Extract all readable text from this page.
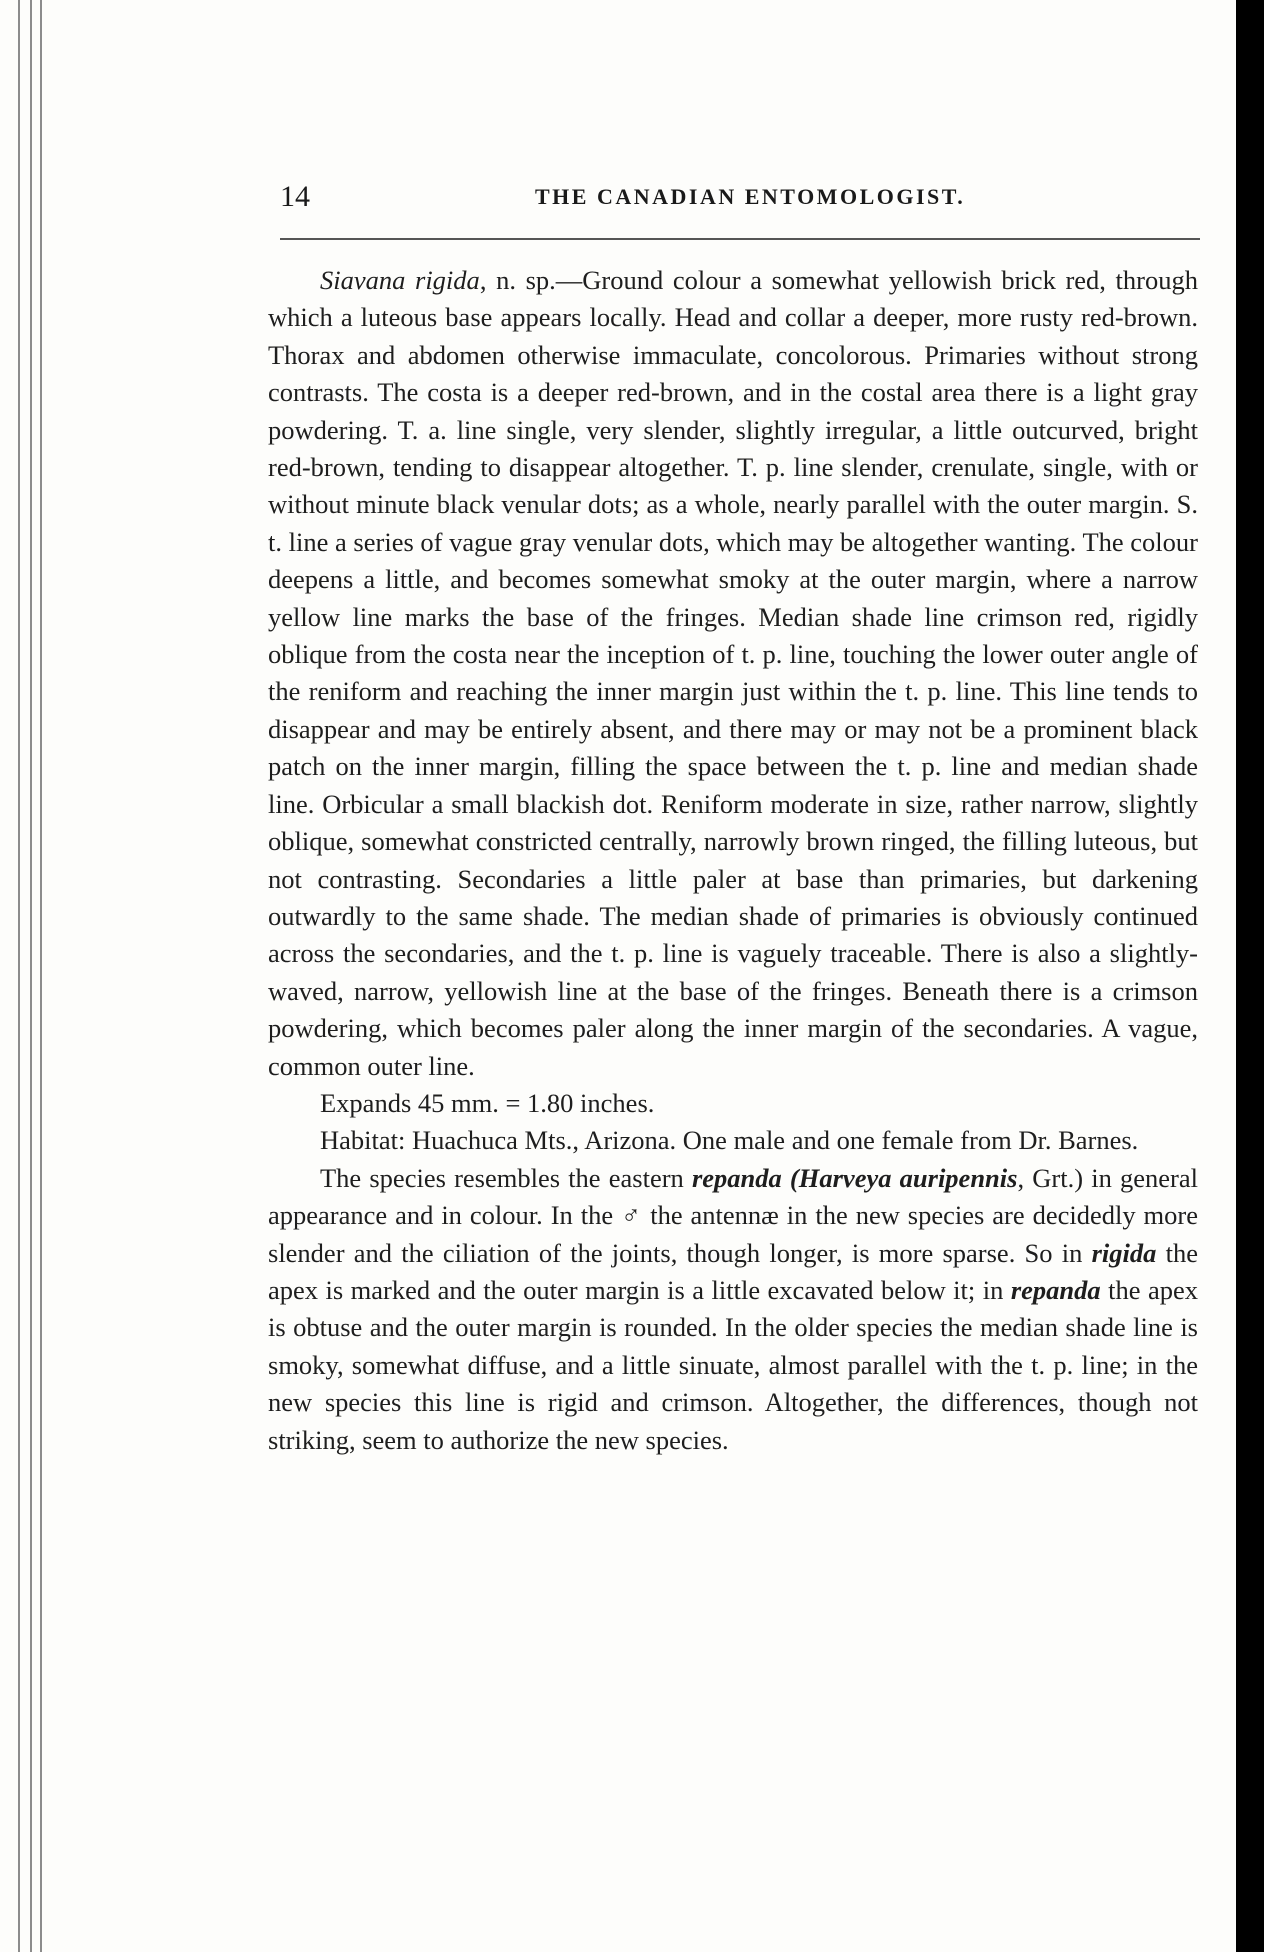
14	THE CANADIAN ENTOMOLOGIST.

Siavana rigida, n. sp.—Ground colour a somewhat yellowish brick red, through which a luteous base appears locally. Head and collar a deeper, more rusty red-brown. Thorax and abdomen otherwise immaculate, concolorous. Primaries without strong contrasts. The costa is a deeper red-brown, and in the costal area there is a light gray powdering. T. a. line single, very slender, slightly irregular, a little outcurved, bright red-brown, tending to disappear altogether. T. p. line slender, crenulate, single, with or without minute black venular dots; as a whole, nearly parallel with the outer margin. S. t. line a series of vague gray venular dots, which may be altogether wanting. The colour deepens a little, and becomes somewhat smoky at the outer margin, where a narrow yellow line marks the base of the fringes. Median shade line crimson red, rigidly oblique from the costa near the inception of t. p. line, touching the lower outer angle of the reniform and reaching the inner margin just within the t. p. line. This line tends to disappear and may be entirely absent, and there may or may not be a prominent black patch on the inner margin, filling the space between the t. p. line and median shade line. Orbicular a small blackish dot. Reniform moderate in size, rather narrow, slightly oblique, somewhat constricted centrally, narrowly brown ringed, the filling luteous, but not contrasting. Secondaries a little paler at base than primaries, but darkening outwardly to the same shade. The median shade of primaries is obviously continued across the secondaries, and the t. p. line is vaguely traceable. There is also a slightly-waved, narrow, yellowish line at the base of the fringes. Beneath there is a crimson powdering, which becomes paler along the inner margin of the secondaries. A vague, common outer line.

Expands 45 mm. = 1.80 inches.

Habitat: Huachuca Mts., Arizona. One male and one female from Dr. Barnes.

The species resembles the eastern repanda (Harveya auripennis, Grt.) in general appearance and in colour. In the ♂ the antennæ in the new species are decidedly more slender and the ciliation of the joints, though longer, is more sparse. So in rigida the apex is marked and the outer margin is a little excavated below it; in repanda the apex is obtuse and the outer margin is rounded. In the older species the median shade line is smoky, somewhat diffuse, and a little sinuate, almost parallel with the t. p. line; in the new species this line is rigid and crimson. Altogether, the differences, though not striking, seem to authorize the new species.
